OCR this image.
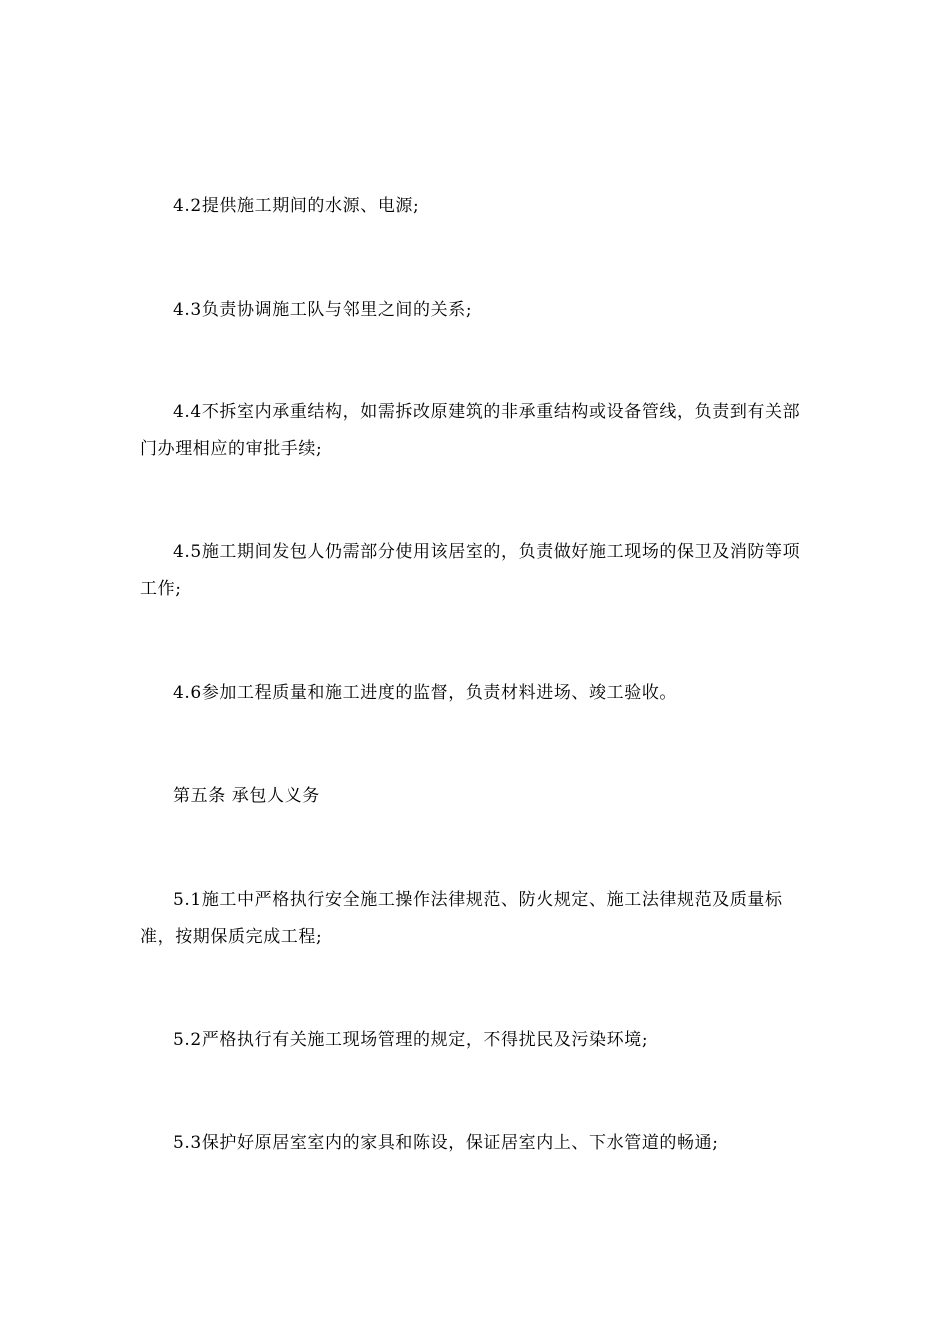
4.2提供施工期间的水源、电源;

4.3负责协调施工队与邻里之间的关系;

4.4不拆室内承重结构，如需拆改原建筑的非承重结构或设备管线，负责到有关部门办理相应的审批手续;

4.5施工期间发包人仍需部分使用该居室的，负责做好施工现场的保卫及消防等项工作;

4.6参加工程质量和施工进度的监督，负责材料进场、竣工验收。

第五条 承包人义务

5.1施工中严格执行安全施工操作法律规范、防火规定、施工法律规范及质量标准，按期保质完成工程;

5.2严格执行有关施工现场管理的规定，不得扰民及污染环境;

5.3保护好原居室室内的家具和陈设，保证居室内上、下水管道的畅通;
